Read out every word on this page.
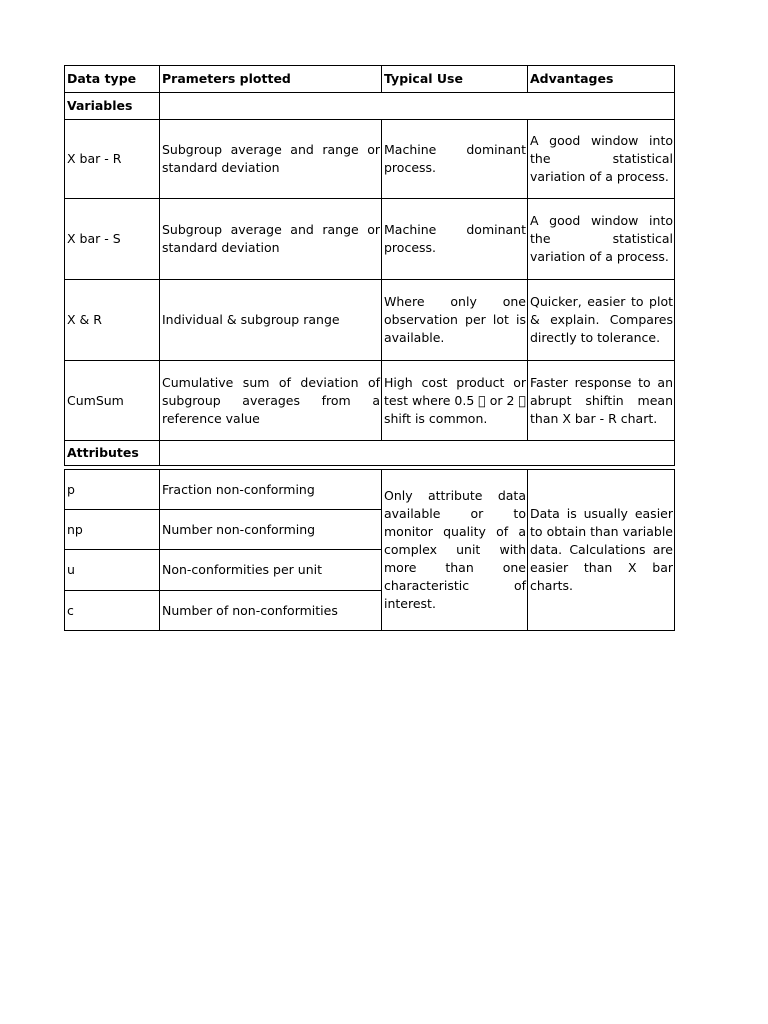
Data type	Prameters plotted	Typical Use	Advantages
Variables			
X bar - R	Subgroup average and range or standard deviation	Machine dominant process.	A good window into the statistical variation of a process.
X bar - S	Subgroup average and range or standard deviation	Machine dominant process.	A good window into the statistical variation of a process.
X & R	Individual & subgroup range	Where only one observation per lot is available.	Quicker, easier to plot & explain. Compares directly to tolerance.
CumSum	Cumulative sum of deviation of subgroup averages from a reference value	High cost product or test where 0.5   or 2   shift is common.	Faster response to an abrupt shiftin mean than X bar - R chart.
Attributes			

p	Fraction non-conforming	Only attribute data available or to monitor quality of a complex unit with more than one characteristic of interest.	Data is usually easier to obtain than variable data. Calculations are easier than X bar charts.
np	Number non-conforming		
u	Non-conformities per unit		
c	Number of non-conformities		
